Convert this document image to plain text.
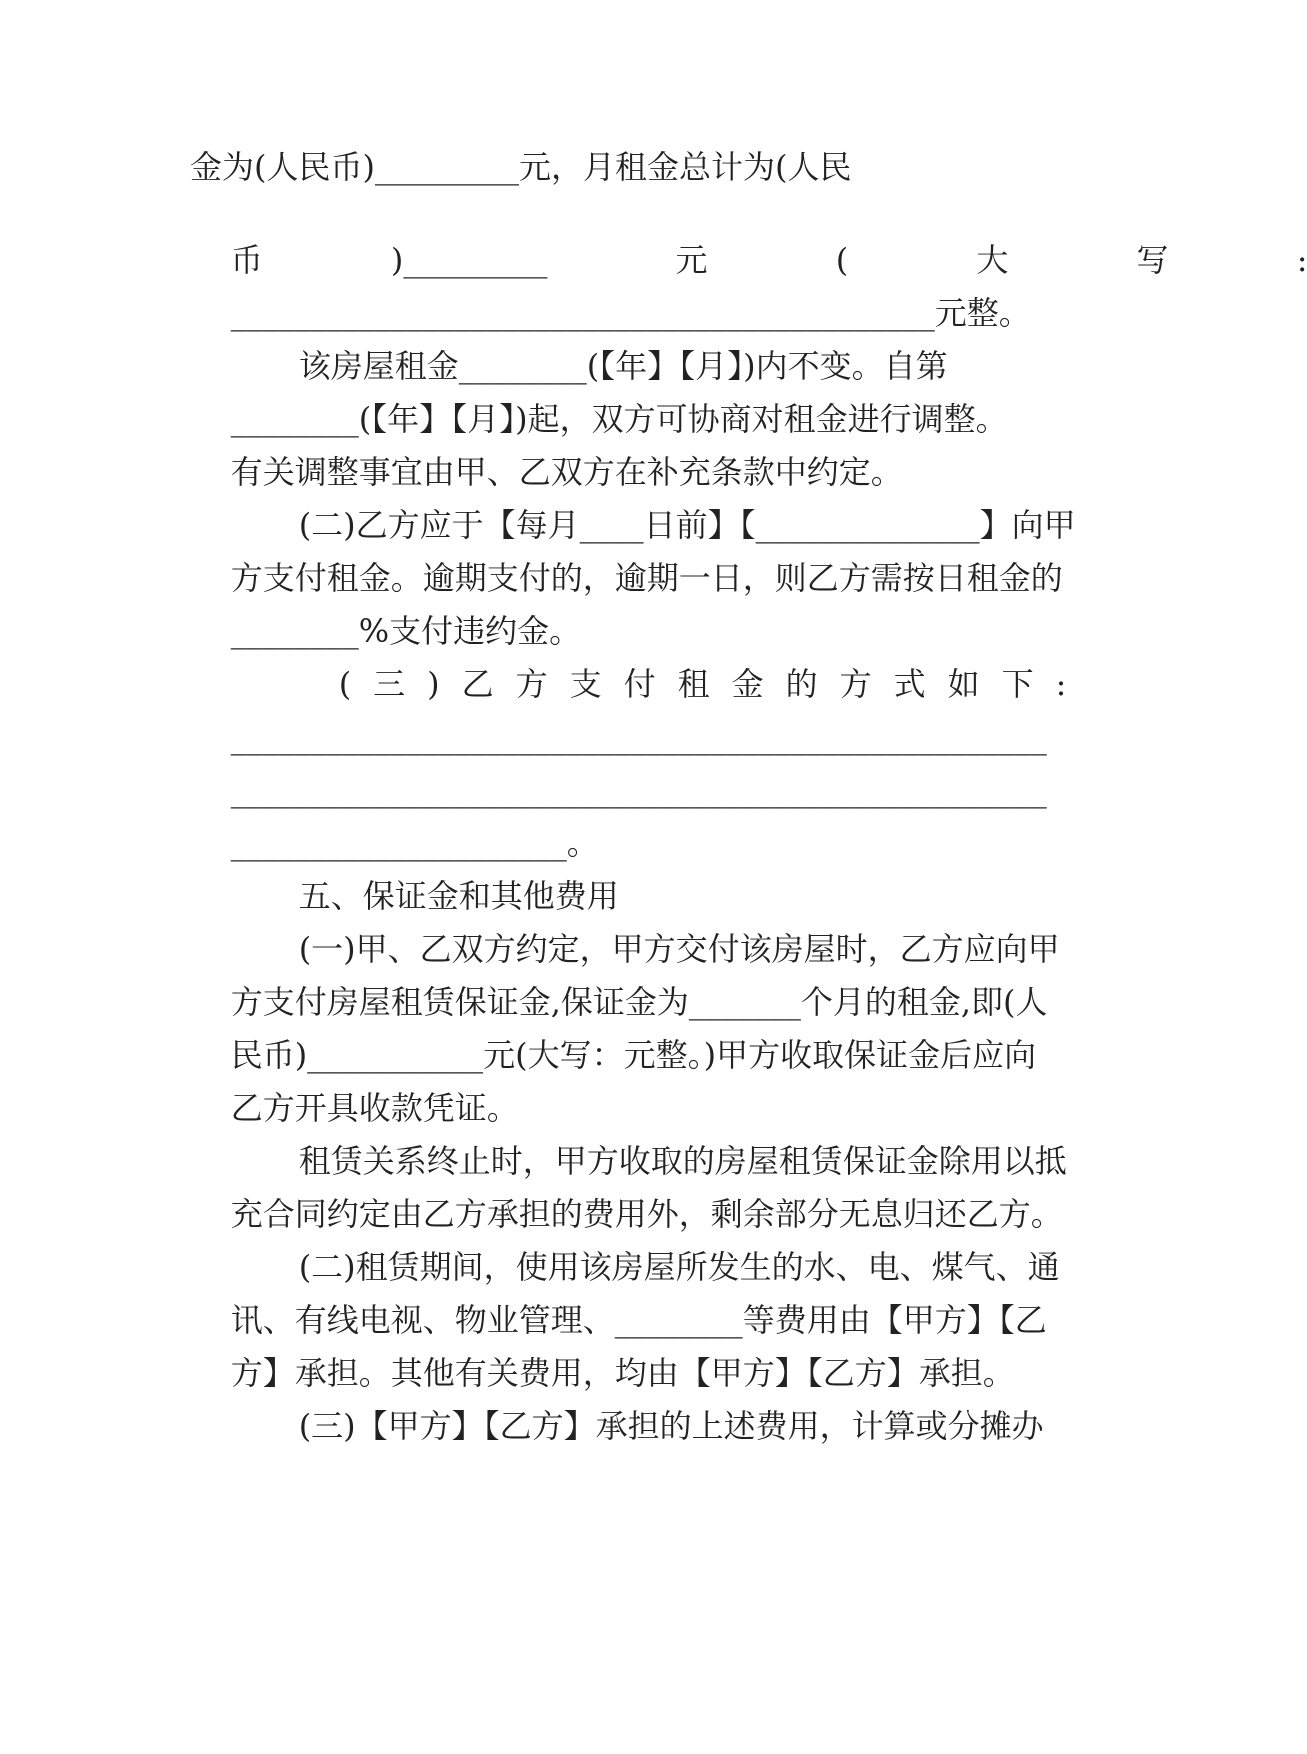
金为(人民币)_________元，月租金总计为(人民

币 )_________ 元 ( 大 写 :

____________________________________________元整。

该房屋租金________(【年】【月】)内不变。自第

________(【年】【月】)起，双方可协商对租金进行调整。

有关调整事宜由甲、乙双方在补充条款中约定。

(二)乙方应于【每月____日前】【______________】向甲

方支付租金。逾期支付的，逾期一日，则乙方需按日租金的

________%支付违约金。

(三)乙方支付租金的方式如下:

___________________________________________________

___________________________________________________

_____________________。

五、保证金和其他费用

(一)甲、乙双方约定，甲方交付该房屋时，乙方应向甲

方支付房屋租赁保证金,保证金为_______个月的租金,即(人

民币)___________元(大写：元整。)甲方收取保证金后应向

乙方开具收款凭证。

租赁关系终止时，甲方收取的房屋租赁保证金除用以抵

充合同约定由乙方承担的费用外，剩余部分无息归还乙方。

(二)租赁期间，使用该房屋所发生的水、电、煤气、通

讯、有线电视、物业管理、________等费用由【甲方】【乙

方】承担。其他有关费用，均由【甲方】【乙方】承担。

(三)【甲方】【乙方】承担的上述费用，计算或分摊办
